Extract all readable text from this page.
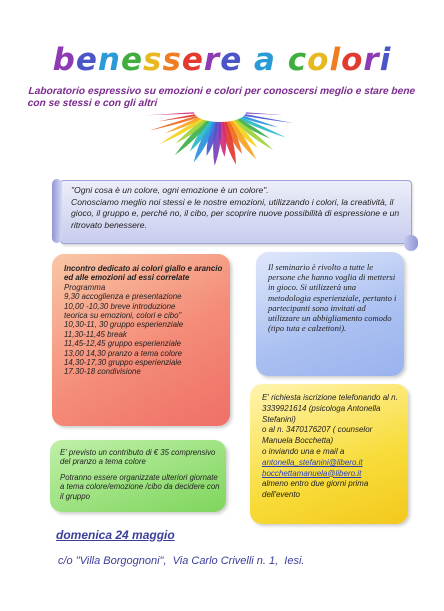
benessere a colori
Laboratorio espressivo su emozioni e colori per conoscersi meglio e stare bene con se stessi e con gli altri
"Ogni cosa è un colore, ogni emozione è un colore".
Conosciamo meglio noi stessi e le nostre emozioni, utilizzando i colori, la creatività, il gioco, il gruppo e, perché no, il cibo, per scoprire nuove possibilità di espressione e un ritrovato benessere.
Incontro dedicato ai colori giallo e arancio ed alle emozioni ad essi correlate
Programma
9,30 accoglienza e presentazione
10,00 -10,30 breve introduzione
teorica su emozioni, colori e cibo"
10,30-11, 30 gruppo esperienziale
11,30-11,45 break
11,45-12,45 gruppo esperienziale
13,00 14,30 pranzo a tema colore
14,30-17,30 gruppo esperienziale
17.30-18 condivisione
Il seminario è rivolto a tutte le persone che hanno voglia di mettersi in gioco. Si utilizzerà una metodologia esperienziale, pertanto i partecipanti sono invitati ad utilizzare un abbigliamento comodo (tipo tuta e calzettoni).
E' previsto un contributo di € 35 comprensivo del pranzo a tema colore
Potranno essere organizzate ulteriori giornate a tema colore/emozione /cibo da decidere con il gruppo
E' richiesta iscrizione telefonando al n. 3339921614 (psicologa Antonella Stefanini)
o al n. 3470176207 ( counselor Manuela Bocchetta)
o inviando una e mail a
antonella_stefanini@libero.it
bocchettamanuela@libero.it
almeno entro due giorni prima dell'evento
domenica 24 maggio
c/o "Villa Borgognoni",  Via Carlo Crivelli n. 1,  Iesi.
